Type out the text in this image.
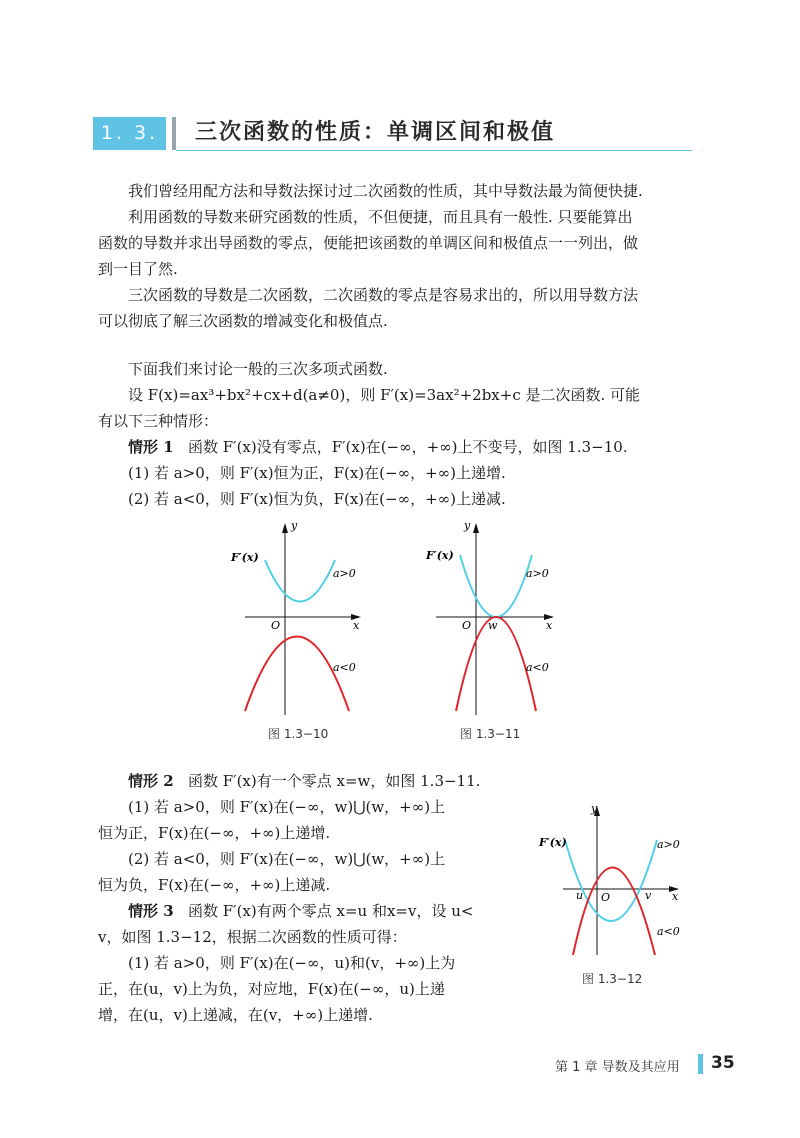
1. 3. 3
三次函数的性质：单调区间和极值
我们曾经用配方法和导数法探讨过二次函数的性质，其中导数法最为简便快捷.
利用函数的导数来研究函数的性质，不但便捷，而且具有一般性. 只要能算出
函数的导数并求出导函数的零点，便能把该函数的单调区间和极值点一一列出，做
到一目了然.
三次函数的导数是二次函数，二次函数的零点是容易求出的，所以用导数方法
可以彻底了解三次函数的增减变化和极值点.
下面我们来讨论一般的三次多项式函数.
设 F(x)=ax³+bx²+cx+d(a≠0)，则 F′(x)=3ax²+2bx+c 是二次函数. 可能
有以下三种情形：
情形 1 函数 F′(x)没有零点，F′(x)在(−∞，+∞)上不变号，如图 1.3−10.
(1) 若 a>0，则 F′(x)恒为正，F(x)在(−∞，+∞)上递增.
(2) 若 a<0，则 F′(x)恒为负，F(x)在(−∞，+∞)上递减.
y
x
O
F′(x)
a>0
a<0
图 1.3−10
y
x
O w
F′(x)
a>0
a<0
图 1.3−11
情形 2 函数 F′(x)有一个零点 x=w，如图 1.3−11.
(1) 若 a>0，则 F′(x)在(−∞，w)⋃(w，+∞)上
恒为正，F(x)在(−∞，+∞)上递增.
(2) 若 a<0，则 F′(x)在(−∞，w)⋃(w，+∞)上
恒为负，F(x)在(−∞，+∞)上递减.
情形 3 函数 F′(x)有两个零点 x=u 和x=v，设 u<
v，如图 1.3−12，根据二次函数的性质可得：
(1) 若 a>0，则 F′(x)在(−∞，u)和(v，+∞)上为
正，在(u，v)上为负，对应地，F(x)在(−∞，u)上递
增，在(u，v)上递减，在(v，+∞)上递增.
y
x
O
u	v
F′(x)	a>0
a<0
图 1.3−12
第 1 章 导数及其应用 35
